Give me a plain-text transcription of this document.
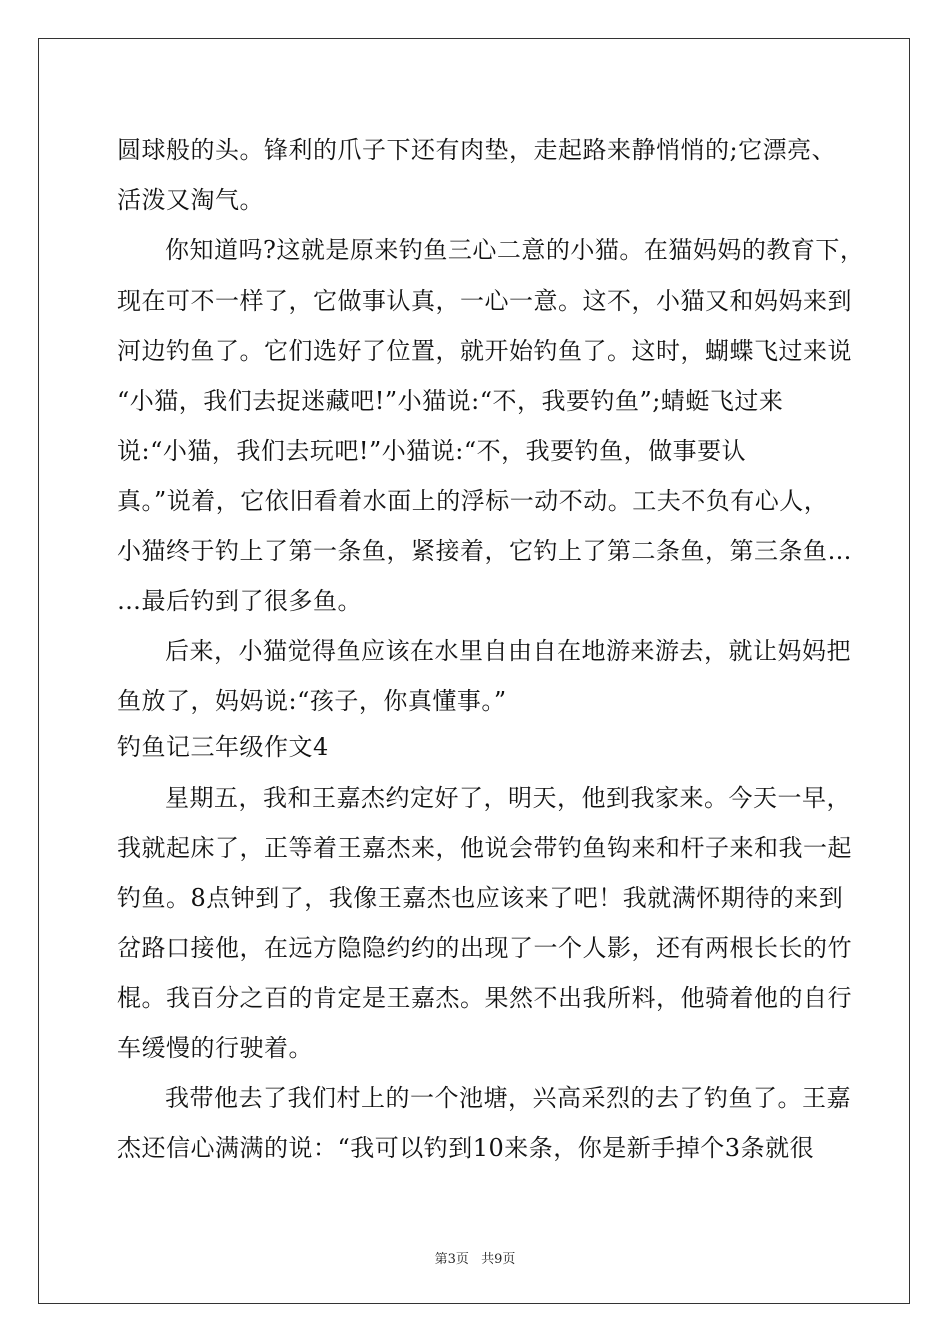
圆球般的头。锋利的爪子下还有肉垫，走起路来静悄悄的;它漂亮、
活泼又淘气。
你知道吗?这就是原来钓鱼三心二意的小猫。在猫妈妈的教育下，
现在可不一样了，它做事认真，一心一意。这不，小猫又和妈妈来到
河边钓鱼了。它们选好了位置，就开始钓鱼了。这时，蝴蝶飞过来说
“小猫，我们去捉迷藏吧!”小猫说:“不，我要钓鱼”;蜻蜓飞过来
说:“小猫，我们去玩吧!”小猫说:“不，我要钓鱼，做事要认
真。”说着，它依旧看着水面上的浮标一动不动。工夫不负有心人，
小猫终于钓上了第一条鱼，紧接着，它钓上了第二条鱼，第三条鱼…
…最后钓到了很多鱼。
后来，小猫觉得鱼应该在水里自由自在地游来游去，就让妈妈把
鱼放了，妈妈说:“孩子，你真懂事。”
钓鱼记三年级作文4
星期五，我和王嘉杰约定好了，明天，他到我家来。今天一早，
我就起床了，正等着王嘉杰来，他说会带钓鱼钩来和杆子来和我一起
钓鱼。8点钟到了，我像王嘉杰也应该来了吧！我就满怀期待的来到
岔路口接他，在远方隐隐约约的出现了一个人影，还有两根长长的竹
棍。我百分之百的肯定是王嘉杰。果然不出我所料，他骑着他的自行
车缓慢的行驶着。
我带他去了我们村上的一个池塘，兴高采烈的去了钓鱼了。王嘉
杰还信心满满的说：“我可以钓到10来条，你是新手掉个3条就很
第3页 共9页
